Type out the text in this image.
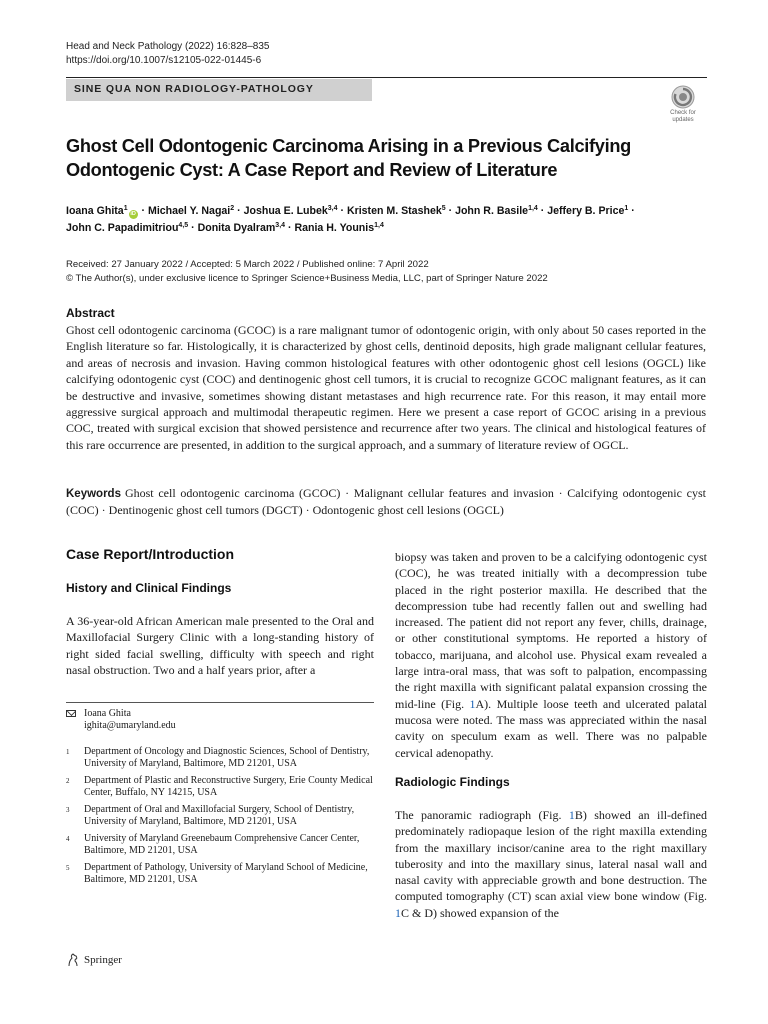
Head and Neck Pathology (2022) 16:828–835
https://doi.org/10.1007/s12105-022-01445-6
SINE QUA NON RADIOLOGY-PATHOLOGY
Check for
updates
Ghost Cell Odontogenic Carcinoma Arising in a Previous Calcifying
Odontogenic Cyst: A Case Report and Review of Literature
Ioana Ghita$^1$iD · Michael Y. Nagai$^2$ · Joshua E. Lubek$^{3,4}$ · Kristen M. Stashek$^5$ · John R. Basile$^{1,4}$ · Jeffery B. Price$^1$ ·
John C. Papadimitriou$^{4,5}$ · Donita Dyalram$^{3,4}$ · Rania H. Younis$^{1,4}$
Received: 27 January 2022 / Accepted: 5 March 2022 / Published online: 7 April 2022
© The Author(s), under exclusive licence to Springer Science+Business Media, LLC, part of Springer Nature 2022
Abstract
Ghost cell odontogenic carcinoma (GCOC) is a rare malignant tumor of odontogenic origin, with only about 50 cases reported in the English literature so far. Histologically, it is characterized by ghost cells, dentinoid deposits, high grade malignant cellular features, and areas of necrosis and invasion. Having common histological features with other odontogenic ghost cell lesions (OGCL) like calcifying odontogenic cyst (COC) and dentinogenic ghost cell tumors, it is crucial to recognize GCOC malignant features, as it can be destructive and invasive, sometimes showing distant metastases and high recurrence rate. For this reason, it may entail more aggressive surgical approach and multimodal therapeutic regimen. Here we present a case report of GCOC arising in a previous COC, treated with surgical excision that showed persistence and recurrence after two years. The clinical and histological features of this rare occurrence are presented, in addition to the surgical approach, and a summary of literature review of OGCL.
Keywords Ghost cell odontogenic carcinoma (GCOC) · Malignant cellular features and invasion · Calcifying odontogenic cyst (COC) · Dentinogenic ghost cell tumors (DGCT) · Odontogenic ghost cell lesions (OGCL)
Case Report/Introduction
History and Clinical Findings
A 36-year-old African American male presented to the Oral and Maxillofacial Surgery Clinic with a long-standing history of right sided facial swelling, difficulty with speech and right nasal obstruction. Two and a half years prior, after a
Ioana Ghita
ighita@umaryland.edu
1 Department of Oncology and Diagnostic Sciences, School of Dentistry, University of Maryland, Baltimore, MD 21201, USA
2 Department of Plastic and Reconstructive Surgery, Erie County Medical Center, Buffalo, NY 14215, USA
3 Department of Oral and Maxillofacial Surgery, School of Dentistry, University of Maryland, Baltimore, MD 21201, USA
4 University of Maryland Greenebaum Comprehensive Cancer Center, Baltimore, MD 21201, USA
5 Department of Pathology, University of Maryland School of Medicine, Baltimore, MD 21201, USA
biopsy was taken and proven to be a calcifying odontogenic cyst (COC), he was treated initially with a decompression tube placed in the right posterior maxilla. He described that the decompression tube had recently fallen out and swelling had increased. The patient did not report any fever, chills, drainage, or other constitutional symptoms. He reported a history of tobacco, marijuana, and alcohol use. Physical exam revealed a large intra-oral mass, that was soft to palpation, encompassing the right maxilla with significant palatal expansion crossing the mid-line (Fig. 1A). Multiple loose teeth and ulcerated palatal mucosa were noted. The mass was appreciated within the nasal cavity on speculum exam as well. There was no palpable cervical adenopathy.
Radiologic Findings
The panoramic radiograph (Fig. 1B) showed an ill-defined predominately radiopaque lesion of the right maxilla extending from the maxillary incisor/canine area to the right maxillary tuberosity and into the maxillary sinus, lateral nasal wall and nasal cavity with appreciable growth and bone destruction. The computed tomography (CT) scan axial view bone window (Fig. 1C & D) showed expansion of the
Springer
